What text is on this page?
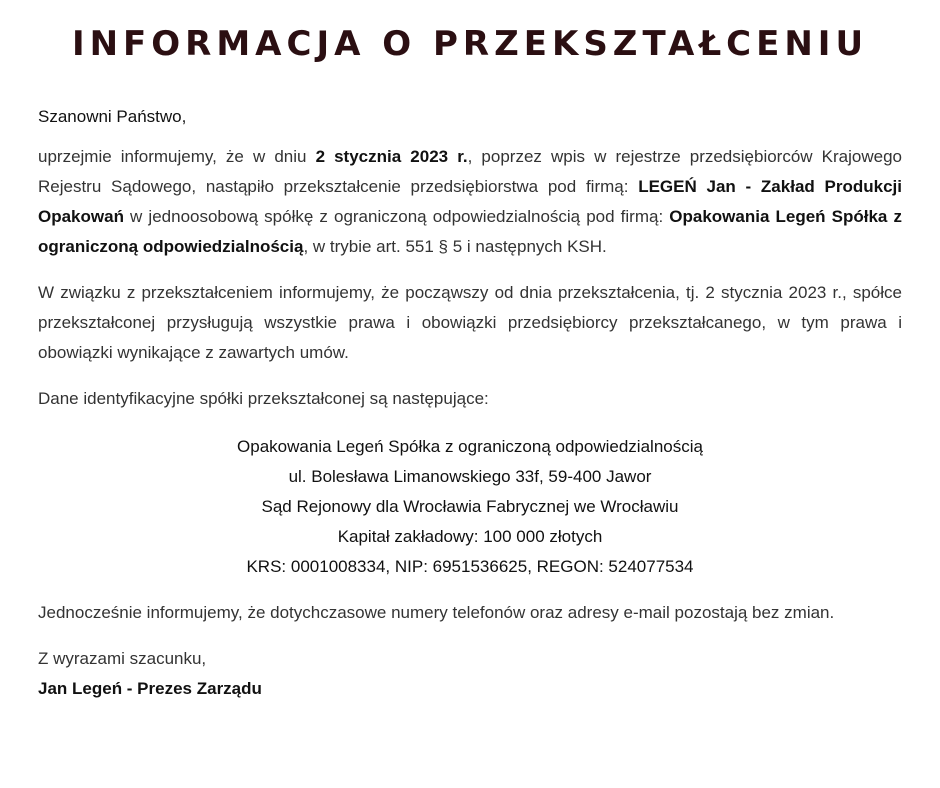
INFORMACJA O PRZEKSZTAŁCENIU
Szanowni Państwo,

uprzejmie informujemy, że w dniu 2 stycznia 2023 r., poprzez wpis w rejestrze przedsiębiorców Krajowego Rejestru Sądowego, nastąpiło przekształcenie przedsiębiorstwa pod firmą: LEGEŃ Jan - Zakład Produkcji Opakowań w jednoosobową spółkę z ograniczoną odpowiedzialnością pod firmą: Opakowania Legeń Spółka z ograniczoną odpowiedzialnością, w trybie art. 551 § 5 i następnych KSH.

W związku z przekształceniem informujemy, że począwszy od dnia przekształcenia, tj. 2 stycznia 2023 r., spółce przekształconej przysługują wszystkie prawa i obowiązki przedsiębiorcy przekształcanego, w tym prawa i obowiązki wynikające z zawartych umów.

Dane identyfikacyjne spółki przekształconej są następujące:

Opakowania Legeń Spółka z ograniczoną odpowiedzialnością
ul. Bolesława Limanowskiego 33f, 59-400 Jawor
Sąd Rejonowy dla Wrocławia Fabrycznej we Wrocławiu
Kapitał zakładowy: 100 000 złotych
KRS: 0001008334, NIP: 6951536625, REGON: 524077534

Jednocześnie informujemy, że dotychczasowe numery telefonów oraz adresy e-mail pozostają bez zmian.

Z wyrazami szacunku,
Jan Legeń - Prezes Zarządu
